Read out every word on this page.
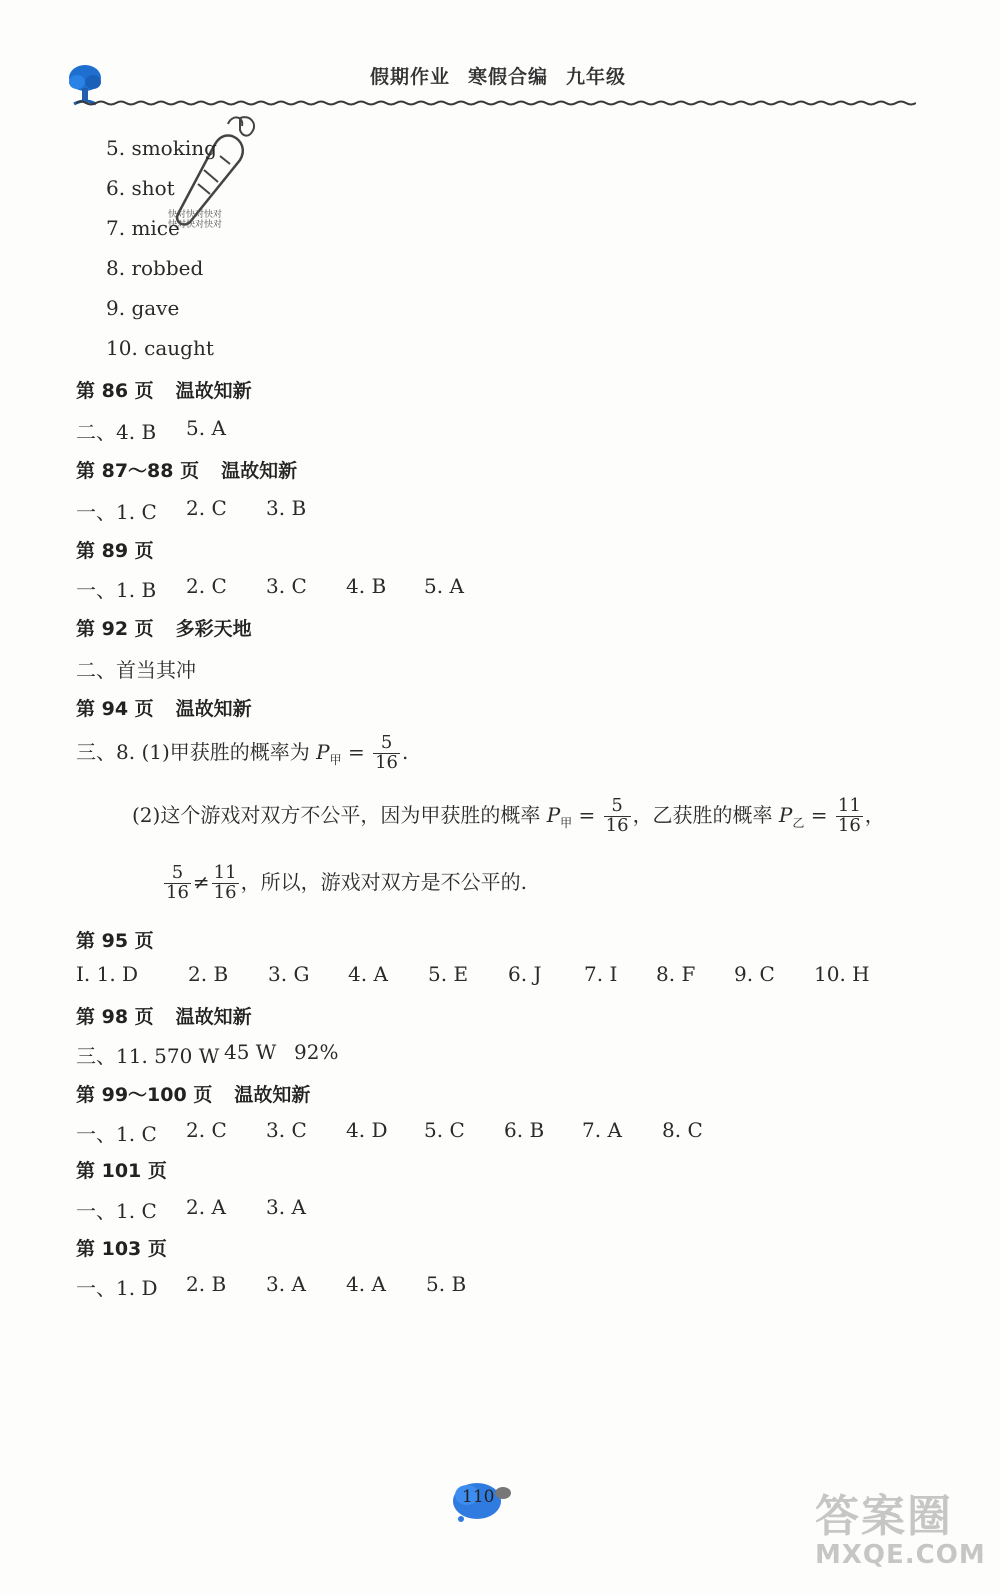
假期作业 寒假合编 九年级
快对快对快对
快对快对快对
5. smoking
6. shot
7. mice
8. robbed
9. gave
10. caught
第 86 页 温故知新
二、4. B 5. A
第 87～88 页 温故知新
一、1. C 2. C 3. B
第 89 页
一、1. B 2. C 3. C 4. B 5. A
第 92 页 多彩天地
二、首当其冲
第 94 页 温故知新
三、8. (1)甲获胜的概率为 $P_甲 = \frac{5}{16}$ .
(2)这个游戏对双方不公平，因为甲获胜的概率 $P_甲 = \frac{5}{16}$ ，乙获胜的概率 $P_乙 = \frac{11}{16}$ ，
$\frac{5}{16} \ne \frac{11}{16}$ ，所以，游戏对双方是不公平的.
第 95 页
Ⅰ. 1. D 2. B 3. G 4. A 5. E 6. J 7. I 8. F 9. C 10. H
第 98 页 温故知新
三、11. 570 W 45 W 92%
第 99～100 页 温故知新
一、1. C 2. C 3. C 4. D 5. C 6. B 7. A 8. C
第 101 页
一、1. C 2. A 3. A
第 103 页
一、1. D 2. B 3. A 4. A 5. B
110	答案圈
MXQE.COM
